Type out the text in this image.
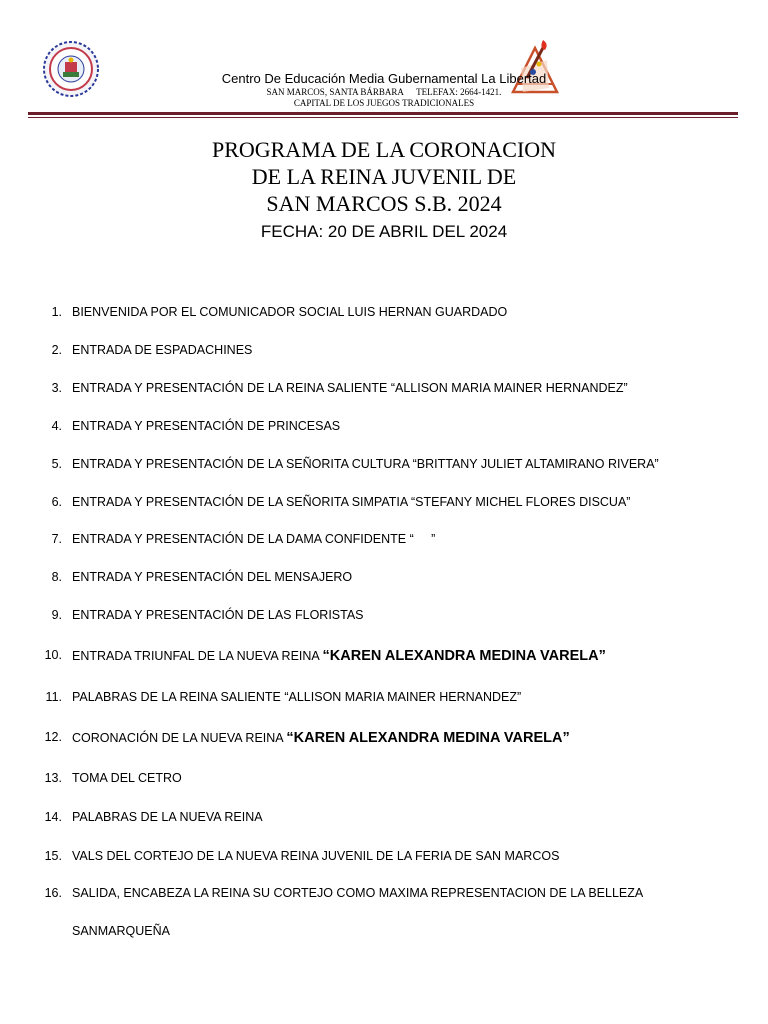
Centro De Educación Media Gubernamental La Libertad
SAN MARCOS, SANTA BÁRBARA TELEFAX: 2664-1421.
CAPITAL DE LOS JUEGOS TRADICIONALES
PROGRAMA DE LA CORONACION
DE LA REINA JUVENIL DE
SAN MARCOS S.B. 2024
FECHA: 20 DE ABRIL DEL 2024
1. BIENVENIDA POR EL COMUNICADOR SOCIAL LUIS HERNAN GUARDADO
2. ENTRADA DE ESPADACHINES
3. ENTRADA Y PRESENTACIÓN DE LA REINA SALIENTE “ALLISON MARIA MAINER HERNANDEZ”
4. ENTRADA Y PRESENTACIÓN DE PRINCESAS
5. ENTRADA Y PRESENTACIÓN DE LA SEÑORITA CULTURA “BRITTANY JULIET ALTAMIRANO RIVERA”
6. ENTRADA Y PRESENTACIÓN DE LA SEÑORITA SIMPATIA “STEFANY MICHEL FLORES DISCUA”
7. ENTRADA Y PRESENTACIÓN DE LA DAMA CONFIDENTE “     ”
8. ENTRADA Y PRESENTACIÓN DEL MENSAJERO
9. ENTRADA Y PRESENTACIÓN DE LAS FLORISTAS
10. ENTRADA TRIUNFAL DE LA NUEVA REINA “KAREN ALEXANDRA MEDINA VARELA”
11. PALABRAS DE LA REINA SALIENTE “ALLISON MARIA MAINER HERNANDEZ”
12. CORONACIÓN DE LA NUEVA REINA “KAREN ALEXANDRA MEDINA VARELA”
13. TOMA DEL CETRO
14. PALABRAS DE LA NUEVA REINA
15. VALS DEL CORTEJO DE LA NUEVA REINA JUVENIL DE LA FERIA DE SAN MARCOS
16. SALIDA, ENCABEZA LA REINA SU CORTEJO COMO MAXIMA REPRESENTACION DE LA BELLEZA
SANMARQUEÑA
